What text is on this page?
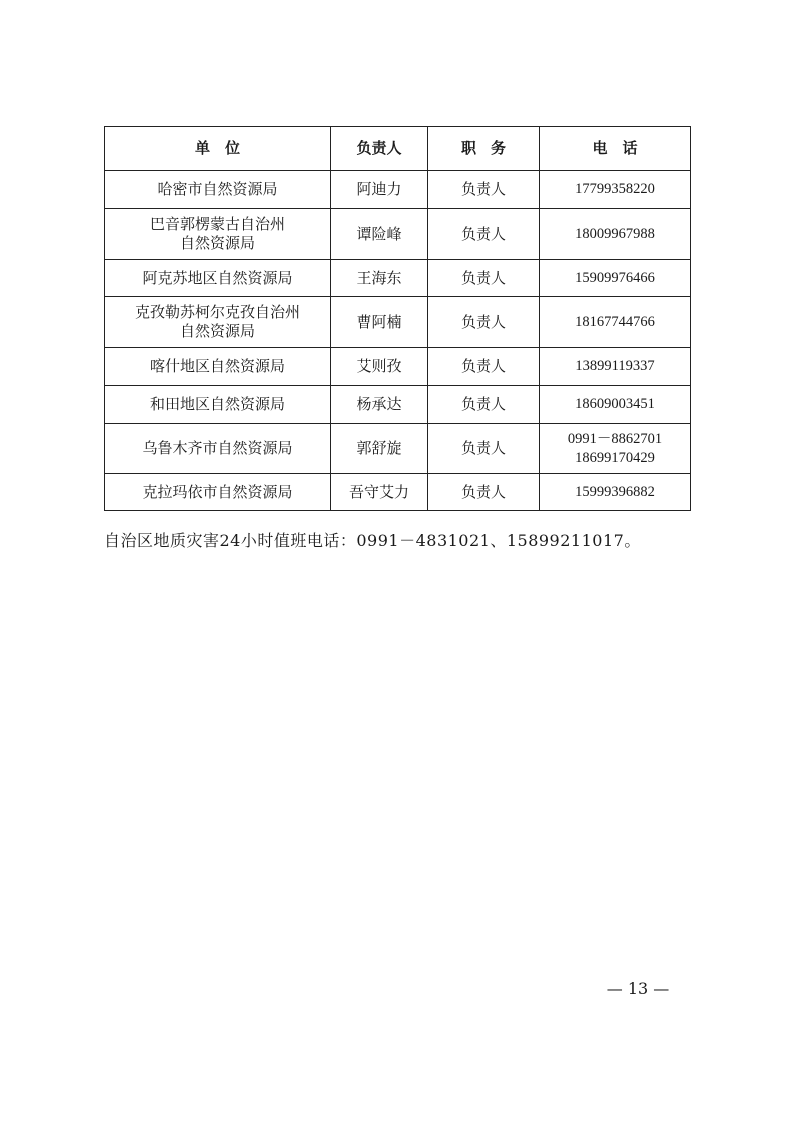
单　位	负责人	职　务	电　话

哈密市自然资源局	阿迪力	负责人	17799358220

巴音郭楞蒙古自治州
自然资源局	谭险峰	负责人	18009967988

阿克苏地区自然资源局	王海东	负责人	15909976466

克孜勒苏柯尔克孜自治州
自然资源局	曹阿楠	负责人	18167744766

喀什地区自然资源局	艾则孜	负责人	13899119337

和田地区自然资源局	杨承达	负责人	18609003451

乌鲁木齐市自然资源局	郭舒旋	负责人	0991－8862701
18699170429

克拉玛依市自然资源局	吾守艾力	负责人	15999396882
自治区地质灾害24小时值班电话：0991－4831021、15899211017。
— 13 —
